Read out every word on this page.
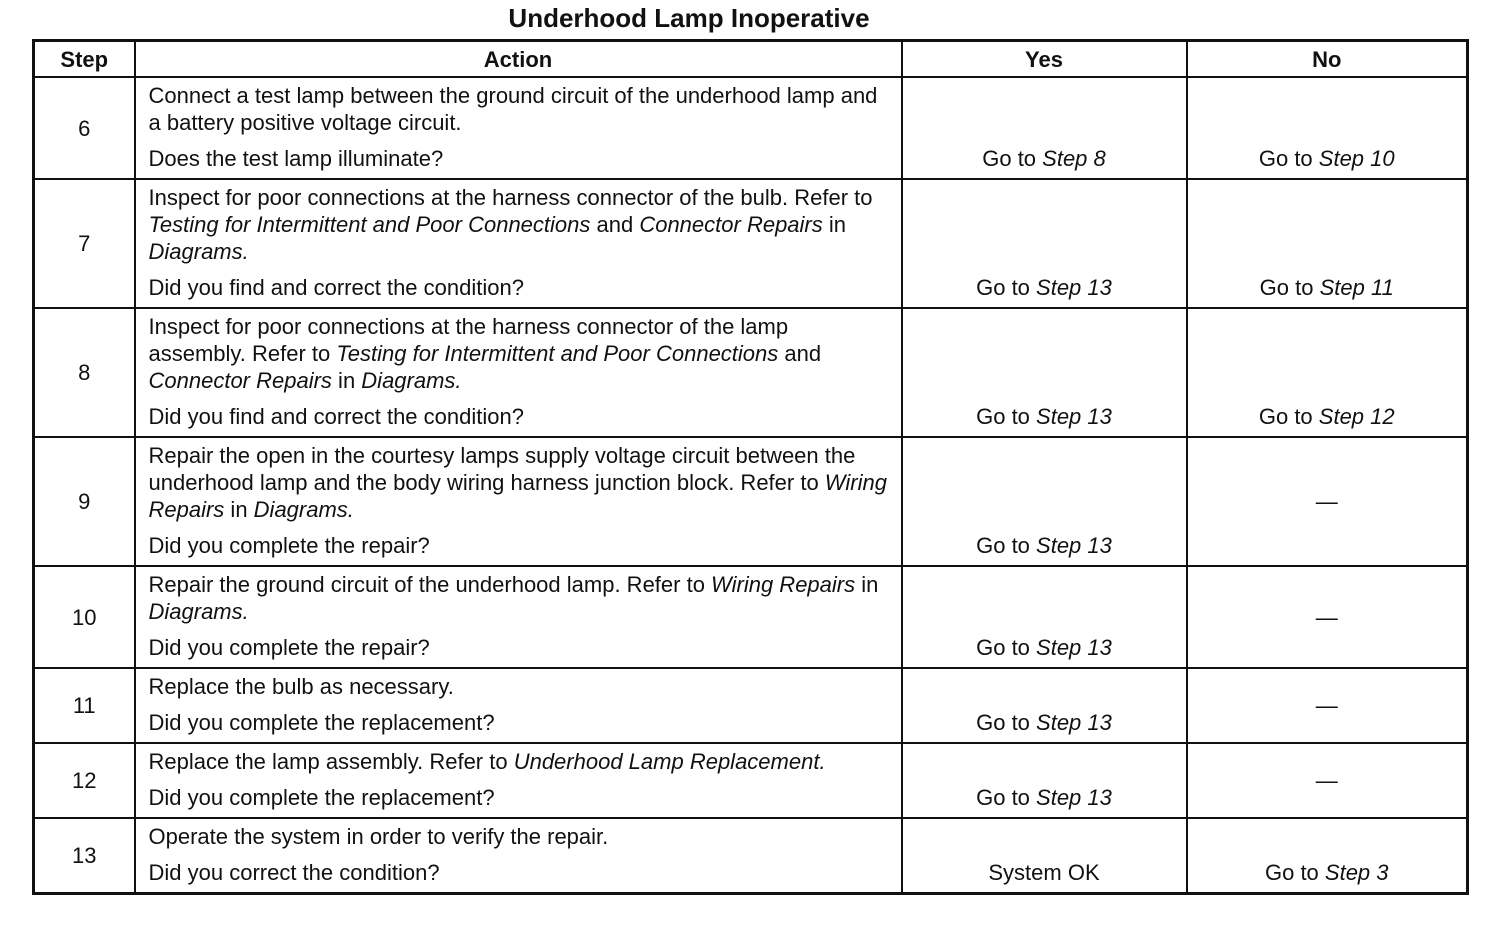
Underhood Lamp Inoperative
Step	Action	Yes	No
6	Connect a test lamp between the ground circuit of the underhood lamp and a battery positive voltage circuit.
Does the test lamp illuminate?	Go to Step 8	Go to Step 10
7	Inspect for poor connections at the harness connector of the bulb. Refer to Testing for Intermittent and Poor Connections and Connector Repairs in Diagrams.
Did you find and correct the condition?	Go to Step 13	Go to Step 11
8	Inspect for poor connections at the harness connector of the lamp assembly. Refer to Testing for Intermittent and Poor Connections and Connector Repairs in Diagrams.
Did you find and correct the condition?	Go to Step 13	Go to Step 12
9	Repair the open in the courtesy lamps supply voltage circuit between the underhood lamp and the body wiring harness junction block. Refer to Wiring Repairs in Diagrams.
Did you complete the repair?	Go to Step 13	—
10	Repair the ground circuit of the underhood lamp. Refer to Wiring Repairs in Diagrams.
Did you complete the repair?	Go to Step 13	—
11	Replace the bulb as necessary.
Did you complete the replacement?	Go to Step 13	—
12	Replace the lamp assembly. Refer to Underhood Lamp Replacement.
Did you complete the replacement?	Go to Step 13	—
13	Operate the system in order to verify the repair.
Did you correct the condition?	System OK	Go to Step 3
